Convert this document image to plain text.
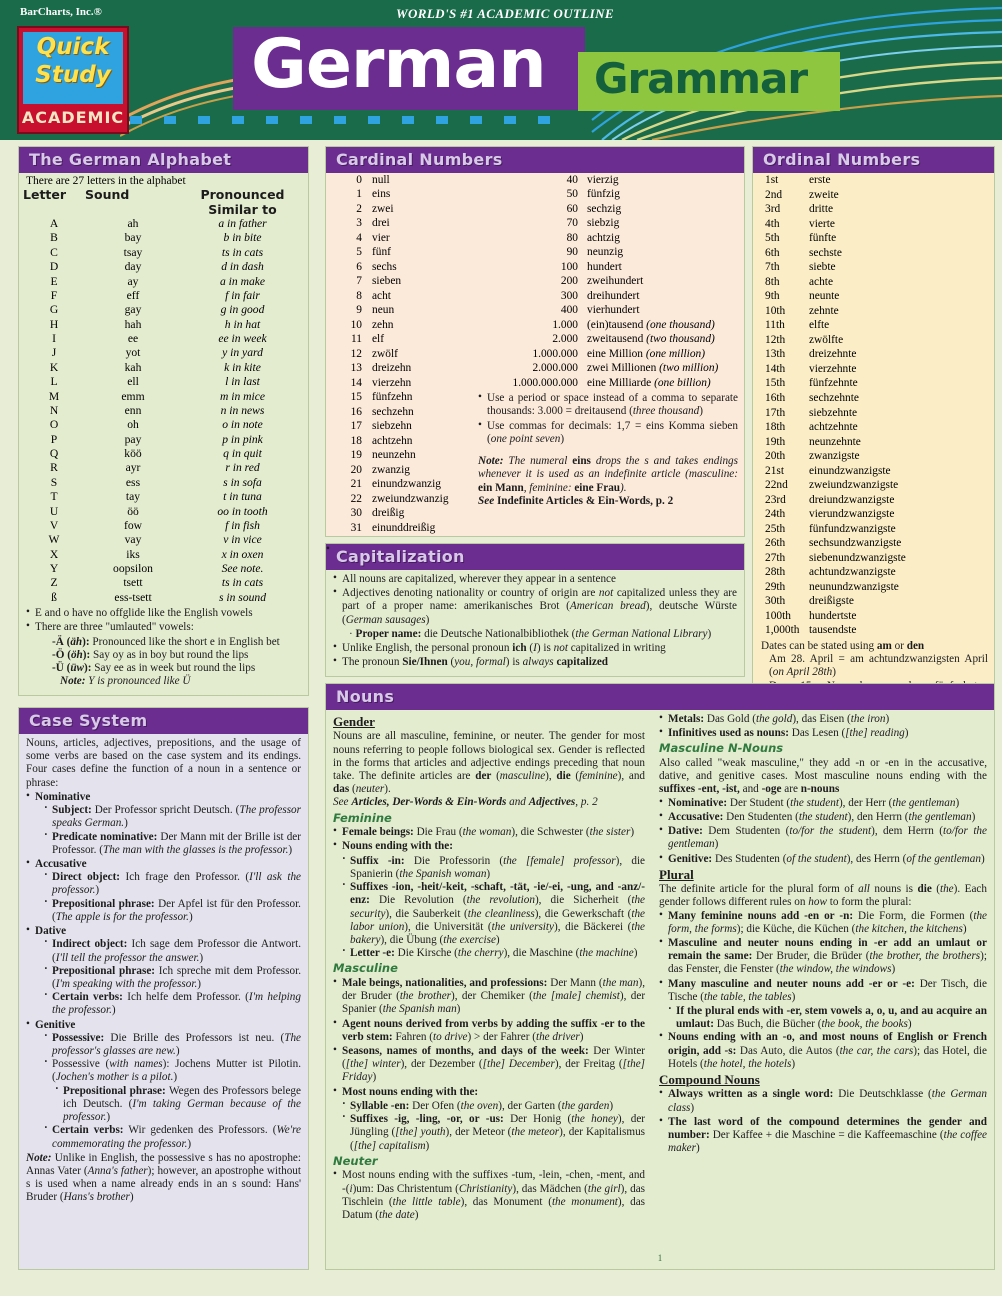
BarCharts, Inc.®	WORLD'S #1 ACADEMIC OUTLINE
Quick
Study
ACADEMIC
German Grammar
The German Alphabet
There are 27 letters in the alphabet
Letter	Sound	Pronounced Similar to
A	ah	a in father
B	bay	b in bite
C	tsay	ts in cats
D	day	d in dash
E	ay	a in make
F	eff	f in fair
G	gay	g in good
H	hah	h in hat
I	ee	ee in week
J	yot	y in yard
K	kah	k in kite
L	ell	l in last
M	emm	m in mice
N	enn	n in news
O	oh	o in note
P	pay	p in pink
Q	köö	q in quit
R	ayr	r in red
S	ess	s in sofa
T	tay	t in tuna
U	öö	oo in tooth
V	fow	f in fish
W	vay	v in vice
X	iks	x in oxen
Y	oopsilon	See note.
Z	tsett	ts in cats
ß	ess-tsett	s in sound
• E and o have no offglide like the English vowels
• There are three "umlauted" vowels:
-Ä (äh): Pronounced like the short e in English bet
-Ö (öh): Say oy as in boy but round the lips
-Ü (üw): Say ee as in week but round the lips
Note: Y is pronounced like Ü
Cardinal Numbers
0 null
1 eins
2 zwei
3 drei
4 vier
5 fünf
6 sechs
7 sieben
8 acht
9 neun
10 zehn
11 elf
12 zwölf
13 dreizehn
14 vierzehn
15 fünfzehn
16 sechzehn
17 siebzehn
18 achtzehn
19 neunzehn
20 zwanzig
21 einundzwanzig
22 zweiundzwanzig
30 dreißig
31 einunddreißig
40 vierzig
50 fünfzig
60 sechzig
70 siebzig
80 achtzig
90 neunzig
100 hundert
200 zweihundert
300 dreihundert
400 vierhundert
1.000 (ein)tausend (one thousand)
2.000 zweitausend (two thousand)
1.000.000 eine Million (one million)
2.000.000 zwei Millionen (two million)
1.000.000.000 eine Milliarde (one billion)
• Use a period or space instead of a comma to separate thousands: 3.000 = dreitausend (three thousand)
• Use commas for decimals: 1,7 = eins Komma sieben (one point seven)
Note: The numeral eins drops the s and takes endings whenever it is used as an indefinite article (masculine: ein Mann, feminine: eine Frau).
See Indefinite Articles & Ein-Words, p. 2
Ordinal Numbers
1st	erste
2nd	zweite
3rd	dritte
4th	vierte
5th	fünfte
6th	sechste
7th	siebte
8th	achte
9th	neunte
10th	zehnte
11th	elfte
12th	zwölfte
13th	dreizehnte
14th	vierzehnte
15th	fünfzehnte
16th	sechzehnte
17th	siebzehnte
18th	achtzehnte
19th	neunzehnte
20th	zwanzigste
21st	einundzwanzigste
22nd	zweiundzwanzigste
23rd	dreiundzwanzigste
24th	vierundzwanzigste
25th	fünfundzwanzigste
26th	sechsundzwanzigste
27th	siebenundzwanzigste
28th	achtundzwanzigste
29th	neunundzwanzigste
30th	dreißigste
100th	hundertste
1,000th tausendste
Dates can be stated using am or den
Am 28. April = am achtundzwanzigsten April (on April 28th)
Capitalization
• All nouns are capitalized, wherever they appear in a sentence
• Adjectives denoting nationality or country of origin are not capitalized unless they are part of a proper name: amerikanisches Brot (American bread), deutsche Würste (German sausages)
• · Proper name: die Deutsche Nationalbibliothek (the German National Library)
• Unlike English, the personal pronoun ich (I) is not capitalized in writing
• The pronoun Sie/Ihnen (you, formal) is always capitalized
Case System
Nouns, articles, adjectives, prepositions, and the usage of some verbs are based on the case system and its endings. Four cases define the function of a noun in a sentence or phrase:
• Nominative
· Subject: Der Professor spricht Deutsch. (The professor speaks German.)
· Predicate nominative: Der Mann mit der Brille ist der Professor. (The man with the glasses is the professor.)
• Accusative
· Direct object: Ich frage den Professor. (I'll ask the professor.)
· Prepositional phrase: Der Apfel ist für den Professor. (The apple is for the professor.)
• Dative
· Indirect object: Ich sage dem Professor die Antwort. (I'll tell the professor the answer.)
· Prepositional phrase: Ich spreche mit dem Professor. (I'm speaking with the professor.)
· Certain verbs: Ich helfe dem Professor. (I'm helping the professor.)
• Genitive
· Possessive: Die Brille des Professors ist neu. (The professor's glasses are new.)
· Possessive (with names): Jochens Mutter ist Pilotin. (Jochen's mother is a pilot.)
· Prepositional phrase: Wegen des Professors belege ich Deutsch. (I'm taking German because of the professor.)
· Certain verbs: Wir gedenken des Professors. (We're commemorating the professor.)
Note: Unlike in English, the possessive s has no apostrophe: Annas Vater (Anna's father); however, an apostrophe without s is used when a name already ends in an s sound: Hans' Bruder (Hans's brother)
Nouns
Gender
Nouns are all masculine, feminine, or neuter. The gender for most nouns referring to people follows biological sex. Gender is reflected in the forms that articles and adjective endings preceding that noun take. The definite articles are der (masculine), die (feminine), and das (neuter).
See Articles, Der-Words & Ein-Words and Adjectives, p. 2
Feminine
• Female beings: Die Frau (the woman), die Schwester (the sister)
• Nouns ending with the:
· Suffix -in: Die Professorin (the [female] professor), die Spanierin (the Spanish woman)
· Suffixes -ion, -heit/-keit, -schaft, -tät, -ie/-ei, -ung, and -anz/-enz: Die Revolution (the revolution), die Sicherheit (the security), die Sauberkeit (the cleanliness), die Gewerkschaft (the labor union), die Universität (the university), die Bäckerei (the bakery), die Übung (the exercise)
· Letter -e: Die Kirsche (the cherry), die Maschine (the machine)
Masculine
• Male beings, nationalities, and professions: Der Mann (the man), der Bruder (the brother), der Chemiker (the [male] chemist), der Spanier (the Spanish man)
• Agent nouns derived from verbs by adding the suffix -er to the verb stem: Fahren (to drive) > der Fahrer (the driver)
• Seasons, names of months, and days of the week: Der Winter ([the] winter), der Dezember ([the] December), der Freitag ([the] Friday)
• Most nouns ending with the:
· Syllable -en: Der Ofen (the oven), der Garten (the garden)
· Suffixes -ig, -ling, -or, or -us: Der Honig (the honey), der Jüngling ([the] youth), der Meteor (the meteor), der Kapitalismus ([the] capitalism)
Neuter
• Most nouns ending with the suffixes -tum, -lein, -chen, -ment, and -(i)um: Das Christentum (Christianity), das Mädchen (the girl), das Tischlein (the little table), das Monument (the monument), das Datum (the date)
• Metals: Das Gold (the gold), das Eisen (the iron)
• Infinitives used as nouns: Das Lesen ([the] reading)
Masculine N-Nouns
Also called "weak masculine," they add -n or -en in the accusative, dative, and genitive cases. Most masculine nouns ending with the suffixes -ent, -ist, and -oge are n-nouns
• Nominative: Der Student (the student), der Herr (the gentleman)
• Accusative: Den Studenten (the student), den Herrn (the gentleman)
• Dative: Dem Studenten (to/for the student), dem Herrn (to/for the gentleman)
• Genitive: Des Studenten (of the student), des Herrn (of the gentleman)
Plural
The definite article for the plural form of all nouns is die (the). Each gender follows different rules on how to form the plural:
• Many feminine nouns add -en or -n: Die Form, die Formen (the form, the forms); die Küche, die Küchen (the kitchen, the kitchens)
• Masculine and neuter nouns ending in -er add an umlaut or remain the same: Der Bruder, die Brüder (the brother, the brothers); das Fenster, die Fenster (the window, the windows)
• Many masculine and neuter nouns add -er or -e: Der Tisch, die Tische (the table, the tables)
· If the plural ends with -er, stem vowels a, o, u, and au acquire an umlaut: Das Buch, die Bücher (the book, the books)
• Nouns ending with an -o, and most nouns of English or French origin, add -s: Das Auto, die Autos (the car, the cars); das Hotel, die Hotels (the hotel, the hotels)
Compound Nouns
• Always written as a single word: Die Deutschklasse (the German class)
• The last word of the compound determines the gender and number: Der Kaffee + die Maschine = die Kaffeemaschine (the coffee maker)
1
